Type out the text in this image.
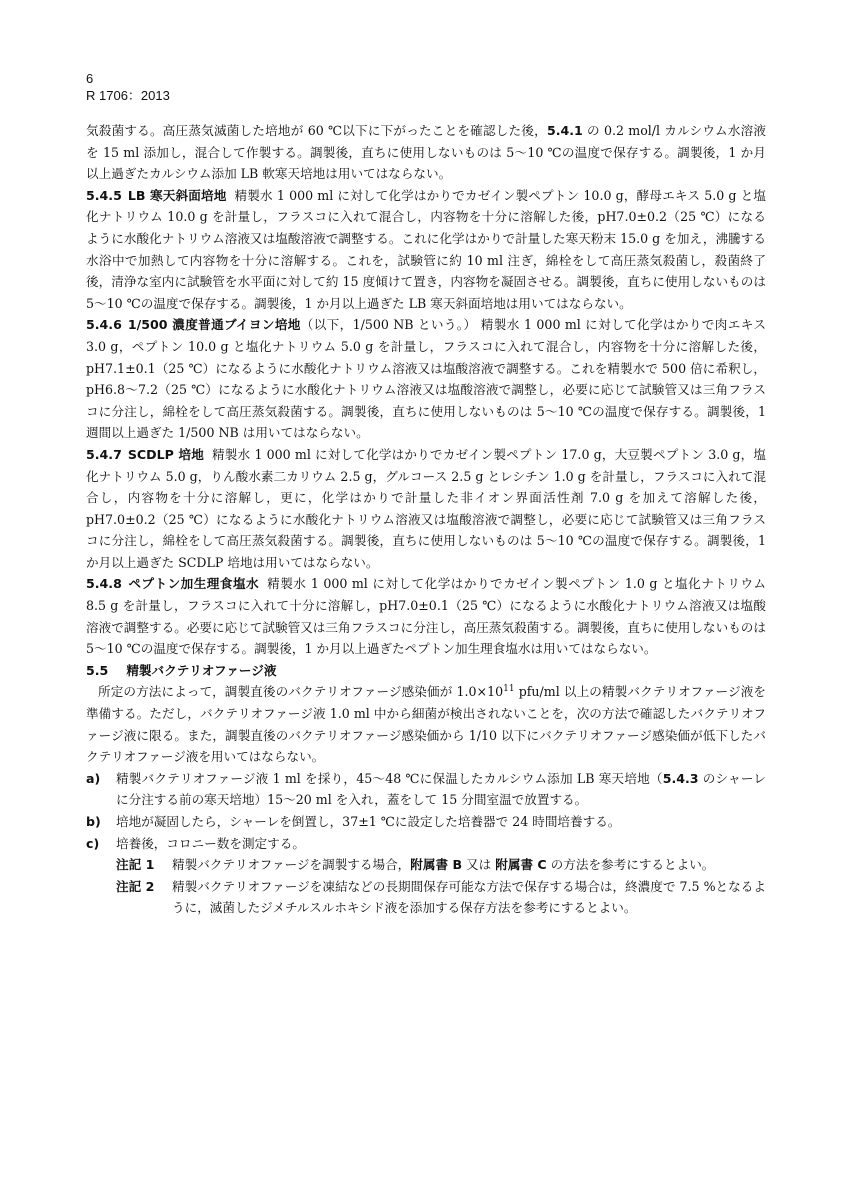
6
R 1706：2013

気殺菌する。高圧蒸気滅菌した培地が 60 ℃以下に下がったことを確認した後，5.4.1 の 0.2 mol/l カルシウム水溶液を 15 ml 添加し，混合して作製する。調製後，直ちに使用しないものは 5～10 ℃の温度で保存する。調製後，1 か月以上過ぎたカルシウム添加 LB 軟寒天培地は用いてはならない。

5.4.5 LB 寒天斜面培地 精製水 1 000 ml に対して化学はかりでカゼイン製ペプトン 10.0 g，酵母エキス 5.0 g と塩化ナトリウム 10.0 g を計量し，フラスコに入れて混合し，内容物を十分に溶解した後，pH7.0±0.2（25 ℃）になるように水酸化ナトリウム溶液又は塩酸溶液で調整する。これに化学はかりで計量した寒天粉末 15.0 g を加え，沸騰する水浴中で加熱して内容物を十分に溶解する。これを，試験管に約 10 ml 注ぎ，綿栓をして高圧蒸気殺菌し，殺菌終了後，清浄な室内に試験管を水平面に対して約 15 度傾けて置き，内容物を凝固させる。調製後，直ちに使用しないものは 5～10 ℃の温度で保存する。調製後，1 か月以上過ぎた LB 寒天斜面培地は用いてはならない。

5.4.6 1/500 濃度普通ブイヨン培地（以下，1/500 NB という。） 精製水 1 000 ml に対して化学はかりで肉エキス 3.0 g，ペプトン 10.0 g と塩化ナトリウム 5.0 g を計量し，フラスコに入れて混合し，内容物を十分に溶解した後，pH7.1±0.1（25 ℃）になるように水酸化ナトリウム溶液又は塩酸溶液で調整する。これを精製水で 500 倍に希釈し，pH6.8～7.2（25 ℃）になるように水酸化ナトリウム溶液又は塩酸溶液で調整し，必要に応じて試験管又は三角フラスコに分注し，綿栓をして高圧蒸気殺菌する。調製後，直ちに使用しないものは 5～10 ℃の温度で保存する。調製後，1 週間以上過ぎた 1/500 NB は用いてはならない。

5.4.7 SCDLP 培地 精製水 1 000 ml に対して化学はかりでカゼイン製ペプトン 17.0 g，大豆製ペプトン 3.0 g，塩化ナトリウム 5.0 g，りん酸水素二カリウム 2.5 g，グルコース 2.5 g とレシチン 1.0 g を計量し，フラスコに入れて混合し，内容物を十分に溶解し，更に，化学はかりで計量した非イオン界面活性剤 7.0 g を加えて溶解した後，pH7.0±0.2（25 ℃）になるように水酸化ナトリウム溶液又は塩酸溶液で調整し，必要に応じて試験管又は三角フラスコに分注し，綿栓をして高圧蒸気殺菌する。調製後，直ちに使用しないものは 5～10 ℃の温度で保存する。調製後，1 か月以上過ぎた SCDLP 培地は用いてはならない。

5.4.8 ペプトン加生理食塩水 精製水 1 000 ml に対して化学はかりでカゼイン製ペプトン 1.0 g と塩化ナトリウム 8.5 g を計量し，フラスコに入れて十分に溶解し，pH7.0±0.1（25 ℃）になるように水酸化ナトリウム溶液又は塩酸溶液で調整する。必要に応じて試験管又は三角フラスコに分注し，高圧蒸気殺菌する。調製後，直ちに使用しないものは 5～10 ℃の温度で保存する。調製後，1 か月以上過ぎたペプトン加生理食塩水は用いてはならない。

5.5 精製バクテリオファージ液

所定の方法によって，調製直後のバクテリオファージ感染価が $1.0\times 10^{11}$ pfu/ml 以上の精製バクテリオファージ液を準備する。ただし，バクテリオファージ液 1.0 ml 中から細菌が検出されないことを，次の方法で確認したバクテリオファージ液に限る。また，調製直後のバクテリオファージ感染価から 1/10 以下にバクテリオファージ感染価が低下したバクテリオファージ液を用いてはならない。

a) 精製バクテリオファージ液 1 ml を採り，45～48 ℃に保温したカルシウム添加 LB 寒天培地（5.4.3 のシャーレに分注する前の寒天培地）15～20 ml を入れ，蓋をして 15 分間室温で放置する。
b) 培地が凝固したら，シャーレを倒置し，37±1 ℃に設定した培養器で 24 時間培養する。
c) 培養後，コロニー数を測定する。
注記 1 精製バクテリオファージを調製する場合，附属書 B 又は 附属書 C の方法を参考にするとよい。
注記 2 精製バクテリオファージを凍結などの長期間保存可能な方法で保存する場合は，終濃度で 7.5 %となるように，滅菌したジメチルスルホキシド液を添加する保存方法を参考にするとよい。
